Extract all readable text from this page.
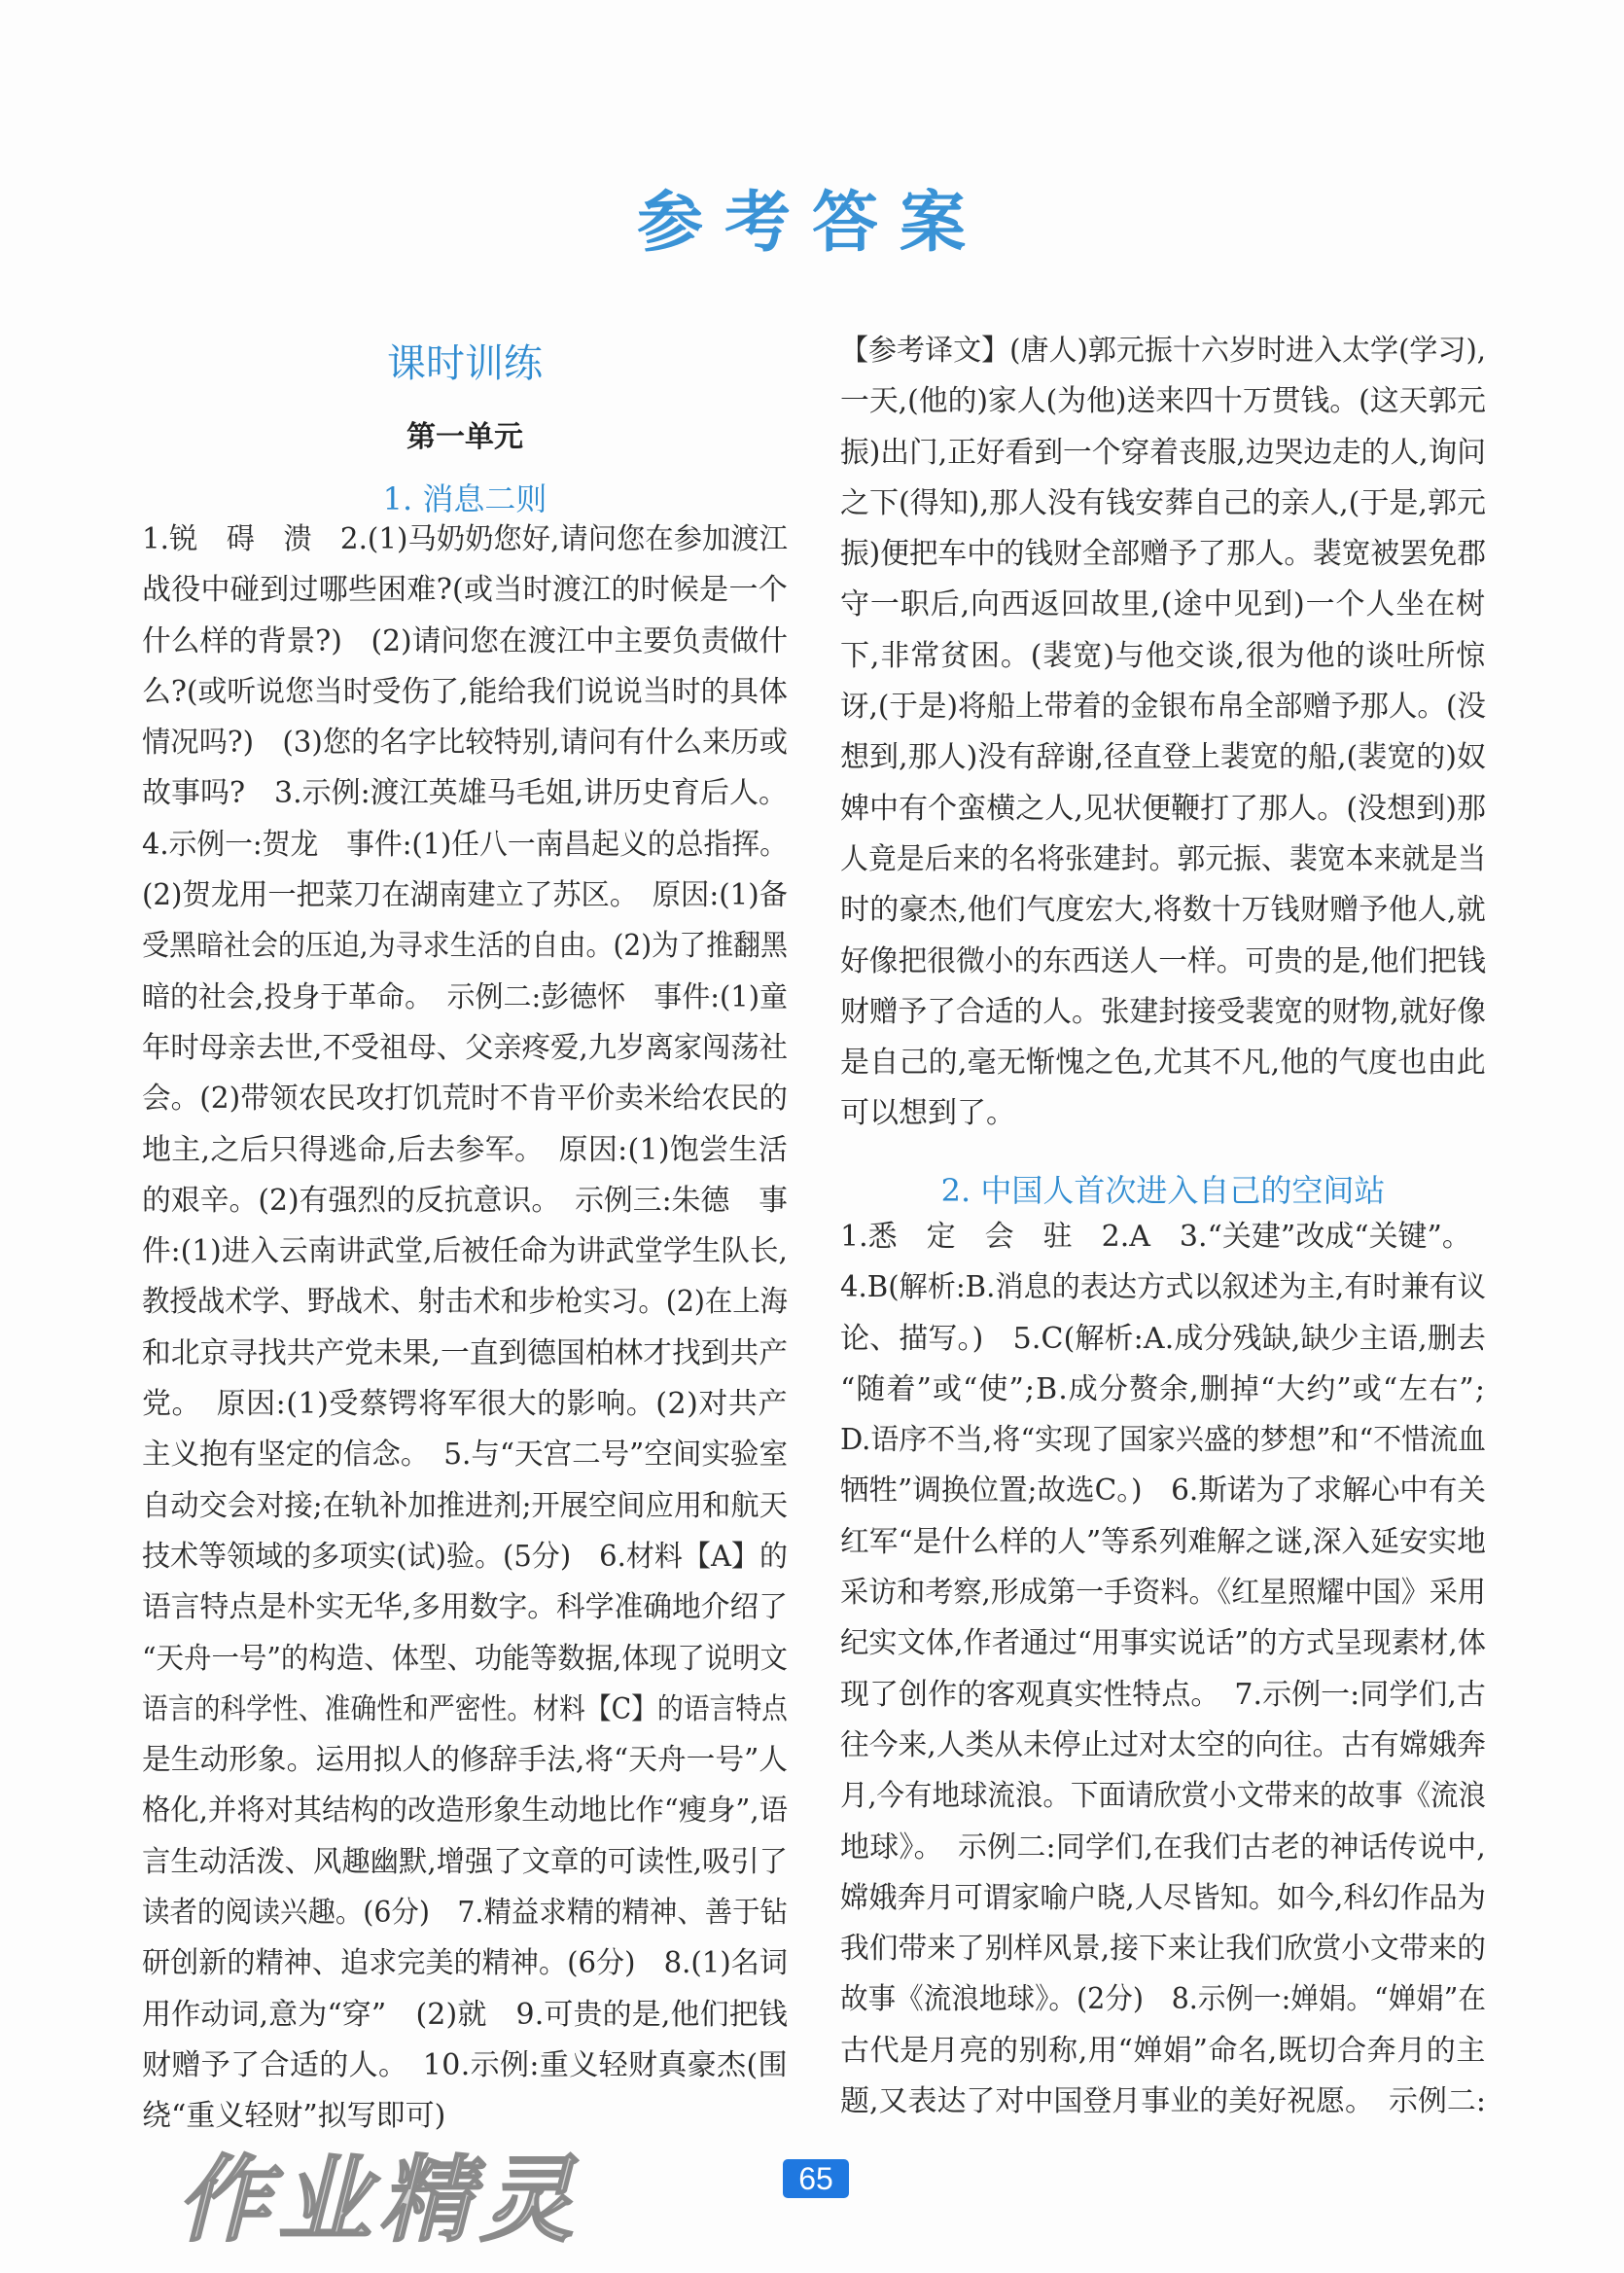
参考答案
课时训练
第一单元
1. 消息二则
1.锐　碍　溃　2.(1)马奶奶您好,请问您在参加渡江
战役中碰到过哪些困难?(或当时渡江的时候是一个
什么样的背景?)　(2)请问您在渡江中主要负责做什
么?(或听说您当时受伤了,能给我们说说当时的具体
情况吗?)　(3)您的名字比较特别,请问有什么来历或
故事吗?　3.示例:渡江英雄马毛姐,讲历史育后人。
4.示例一:贺龙　事件:(1)任八一南昌起义的总指挥。
(2)贺龙用一把菜刀在湖南建立了苏区。　原因:(1)备
受黑暗社会的压迫,为寻求生活的自由。(2)为了推翻黑
暗的社会,投身于革命。　示例二:彭德怀　事件:(1)童
年时母亲去世,不受祖母、父亲疼爱,九岁离家闯荡社
会。(2)带领农民攻打饥荒时不肯平价卖米给农民的
地主,之后只得逃命,后去参军。　原因:(1)饱尝生活
的艰辛。(2)有强烈的反抗意识。　示例三:朱德　事
件:(1)进入云南讲武堂,后被任命为讲武堂学生队长,
教授战术学、野战术、射击术和步枪实习。(2)在上海
和北京寻找共产党未果,一直到德国柏林才找到共产
党。　原因:(1)受蔡锷将军很大的影响。(2)对共产
主义抱有坚定的信念。　5.与“天宫二号”空间实验室
自动交会对接;在轨补加推进剂;开展空间应用和航天
技术等领域的多项实(试)验。(5分)　6.材料【A】的
语言特点是朴实无华,多用数字。科学准确地介绍了
“天舟一号”的构造、体型、功能等数据,体现了说明文
语言的科学性、准确性和严密性。材料【C】的语言特点
是生动形象。运用拟人的修辞手法,将“天舟一号”人
格化,并将对其结构的改造形象生动地比作“瘦身”,语
言生动活泼、风趣幽默,增强了文章的可读性,吸引了
读者的阅读兴趣。(6分)　7.精益求精的精神、善于钻
研创新的精神、追求完美的精神。(6分)　8.(1)名词
用作动词,意为“穿”　(2)就　9.可贵的是,他们把钱
财赠予了合适的人。　10.示例:重义轻财真豪杰(围
绕“重义轻财”拟写即可)
【参考译文】(唐人)郭元振十六岁时进入太学(学习),
一天,(他的)家人(为他)送来四十万贯钱。(这天郭元
振)出门,正好看到一个穿着丧服,边哭边走的人,询问
之下(得知),那人没有钱安葬自己的亲人,(于是,郭元
振)便把车中的钱财全部赠予了那人。裴宽被罢免郡
守一职后,向西返回故里,(途中见到)一个人坐在树
下,非常贫困。(裴宽)与他交谈,很为他的谈吐所惊
讶,(于是)将船上带着的金银布帛全部赠予那人。(没
想到,那人)没有辞谢,径直登上裴宽的船,(裴宽的)奴
婢中有个蛮横之人,见状便鞭打了那人。(没想到)那
人竟是后来的名将张建封。郭元振、裴宽本来就是当
时的豪杰,他们气度宏大,将数十万钱财赠予他人,就
好像把很微小的东西送人一样。可贵的是,他们把钱
财赠予了合适的人。张建封接受裴宽的财物,就好像
是自己的,毫无惭愧之色,尤其不凡,他的气度也由此
可以想到了。
2. 中国人首次进入自己的空间站
1.悉　定　会　驻　2.A　3.“关建”改成“关键”。
4.B(解析:B.消息的表达方式以叙述为主,有时兼有议
论、描写。)　5.C(解析:A.成分残缺,缺少主语,删去
“随着”或“使”;B.成分赘余,删掉“大约”或“左右”;
D.语序不当,将“实现了国家兴盛的梦想”和“不惜流血
牺牲”调换位置;故选C。)　6.斯诺为了求解心中有关
红军“是什么样的人”等系列难解之谜,深入延安实地
采访和考察,形成第一手资料。《红星照耀中国》采用
纪实文体,作者通过“用事实说话”的方式呈现素材,体
现了创作的客观真实性特点。　7.示例一:同学们,古
往今来,人类从未停止过对太空的向往。古有嫦娥奔
月,今有地球流浪。下面请欣赏小文带来的故事《流浪
地球》。　示例二:同学们,在我们古老的神话传说中,
嫦娥奔月可谓家喻户晓,人尽皆知。如今,科幻作品为
我们带来了别样风景,接下来让我们欣赏小文带来的
故事《流浪地球》。(2分)　8.示例一:婵娟。“婵娟”在
古代是月亮的别称,用“婵娟”命名,既切合奔月的主
题,又表达了对中国登月事业的美好祝愿。　示例二:
作业精灵	65
